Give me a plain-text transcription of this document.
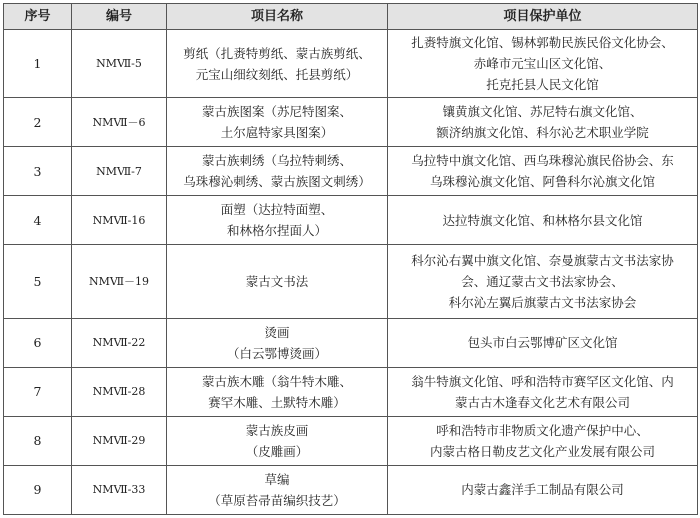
序号	编号	项目名称	项目保护单位
1	NMⅦ-5	剪纸（扎赉特剪纸、蒙古族剪纸、
元宝山细纹刻纸、托县剪纸）	扎赉特旗文化馆、锡林郭勒民族民俗文化协会、
赤峰市元宝山区文化馆、
托克托县人民文化馆

2	NMⅦ－6	蒙古族图案（苏尼特图案、
土尔扈特家具图案）	镶黄旗文化馆、苏尼特右旗文化馆、
额济纳旗文化馆、科尔沁艺术职业学院

3	NMⅦ-7	蒙古族刺绣（乌拉特刺绣、
乌珠穆沁刺绣、蒙古族图文刺绣）	乌拉特中旗文化馆、西乌珠穆沁旗民俗协会、东
乌珠穆沁旗文化馆、阿鲁科尔沁旗文化馆

4	NMⅦ-16	面塑（达拉特面塑、
和林格尔捏面人）	达拉特旗文化馆、和林格尔县文化馆

5	NMⅦ－19	蒙古文书法	科尔沁右翼中旗文化馆、奈曼旗蒙古文书法家协
会、通辽蒙古文书法家协会、
科尔沁左翼后旗蒙古文书法家协会

6	NMⅦ-22	烫画
（白云鄂博烫画）	包头市白云鄂博矿区文化馆

7	NMⅦ-28	蒙古族木雕（翁牛特木雕、
赛罕木雕、土默特木雕）	翁牛特旗文化馆、呼和浩特市赛罕区文化馆、内
蒙古古木逢春文化艺术有限公司

8	NMⅦ-29	蒙古族皮画
（皮雕画）	呼和浩特市非物质文化遗产保护中心、
内蒙古格日勒皮艺文化产业发展有限公司

9	NMⅦ-33	草编
（草原苔帚苗编织技艺）	内蒙古鑫洋手工制品有限公司
